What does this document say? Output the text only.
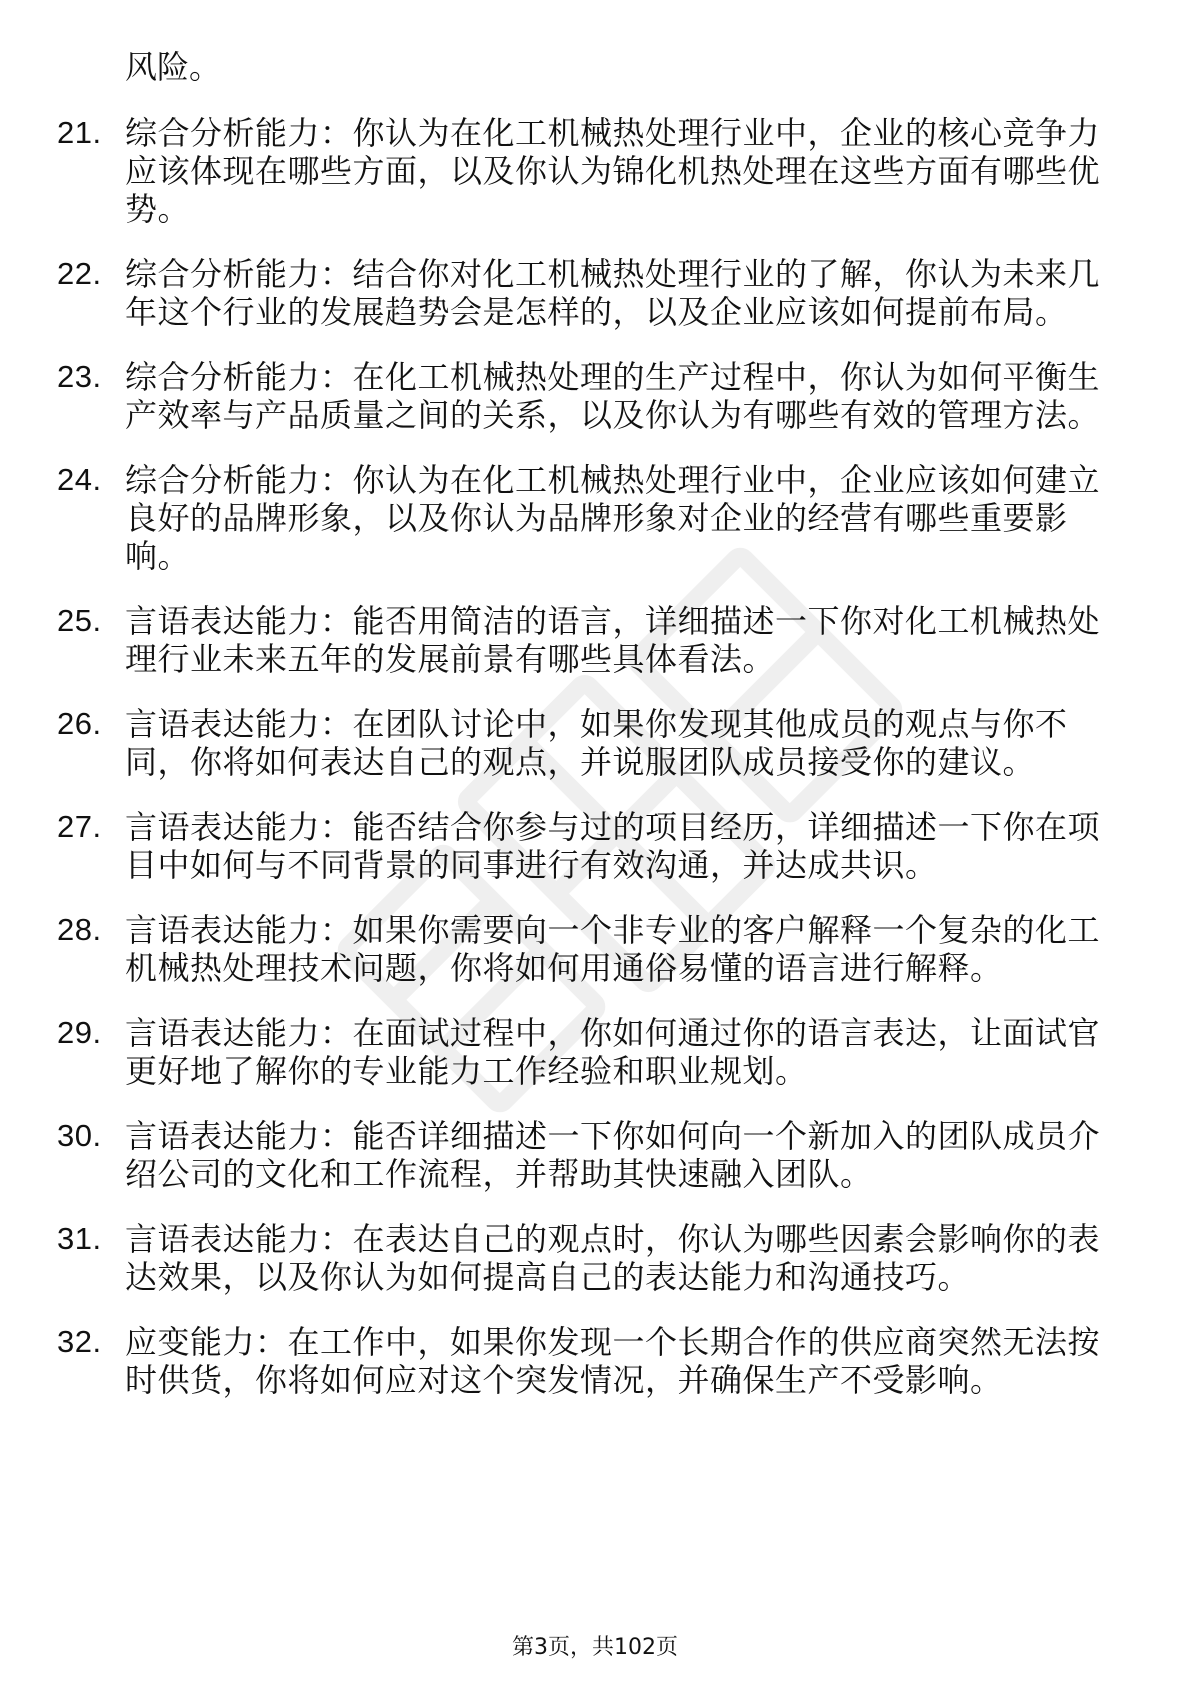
风险。
21. 综合分析能力：你认为在化工机械热处理行业中，企业的核心竞争力应该体现在哪些方面，以及你认为锦化机热处理在这些方面有哪些优势。
22. 综合分析能力：结合你对化工机械热处理行业的了解，你认为未来几年这个行业的发展趋势会是怎样的，以及企业应该如何提前布局。
23. 综合分析能力：在化工机械热处理的生产过程中，你认为如何平衡生产效率与产品质量之间的关系，以及你认为有哪些有效的管理方法。
24. 综合分析能力：你认为在化工机械热处理行业中，企业应该如何建立良好的品牌形象，以及你认为品牌形象对企业的经营有哪些重要影响。
25. 言语表达能力：能否用简洁的语言，详细描述一下你对化工机械热处理行业未来五年的发展前景有哪些具体看法。
26. 言语表达能力：在团队讨论中，如果你发现其他成员的观点与你不同，你将如何表达自己的观点，并说服团队成员接受你的建议。
27. 言语表达能力：能否结合你参与过的项目经历，详细描述一下你在项目中如何与不同背景的同事进行有效沟通，并达成共识。
28. 言语表达能力：如果你需要向一个非专业的客户解释一个复杂的化工机械热处理技术问题，你将如何用通俗易懂的语言进行解释。
29. 言语表达能力：在面试过程中，你如何通过你的语言表达，让面试官更好地了解你的专业能力工作经验和职业规划。
30. 言语表达能力：能否详细描述一下你如何向一个新加入的团队成员介绍公司的文化和工作流程，并帮助其快速融入团队。
31. 言语表达能力：在表达自己的观点时，你认为哪些因素会影响你的表达效果，以及你认为如何提高自己的表达能力和沟通技巧。
32. 应变能力：在工作中，如果你发现一个长期合作的供应商突然无法按时供货，你将如何应对这个突发情况，并确保生产不受影响。
第3页，共102页
